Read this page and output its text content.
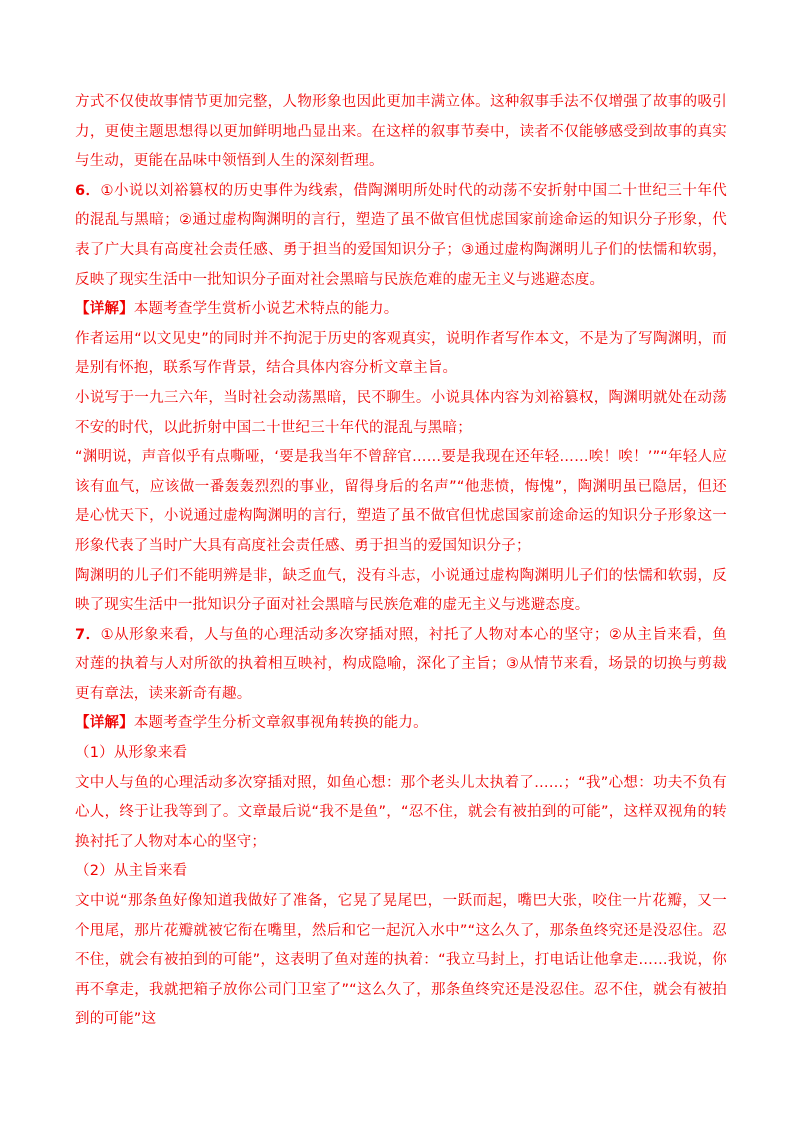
方式不仅使故事情节更加完整，人物形象也因此更加丰满立体。这种叙事手法不仅增强了故事的吸引力，更使主题思想得以更加鲜明地凸显出来。在这样的叙事节奏中，读者不仅能够感受到故事的真实与生动，更能在品味中领悟到人生的深刻哲理。

6．①小说以刘裕篡权的历史事件为线索，借陶渊明所处时代的动荡不安折射中国二十世纪三十年代的混乱与黑暗；②通过虚构陶渊明的言行，塑造了虽不做官但忧虑国家前途命运的知识分子形象，代表了广大具有高度社会责任感、勇于担当的爱国知识分子；③通过虚构陶渊明儿子们的怯懦和软弱，反映了现实生活中一批知识分子面对社会黑暗与民族危难的虚无主义与逃避态度。

【详解】本题考查学生赏析小说艺术特点的能力。

作者运用“以文见史”的同时并不拘泥于历史的客观真实，说明作者写作本文，不是为了写陶渊明，而是别有怀抱，联系写作背景，结合具体内容分析文章主旨。

小说写于一九三六年，当时社会动荡黑暗，民不聊生。小说具体内容为刘裕篡权，陶渊明就处在动荡不安的时代，以此折射中国二十世纪三十年代的混乱与黑暗；

“渊明说，声音似乎有点嘶哑，‘要是我当年不曾辞官……要是我现在还年轻……唉！唉！’”“年轻人应该有血气，应该做一番轰轰烈烈的事业，留得身后的名声”“他悲愤，悔愧”，陶渊明虽已隐居，但还是心忧天下，小说通过虚构陶渊明的言行，塑造了虽不做官但忧虑国家前途命运的知识分子形象这一形象代表了当时广大具有高度社会责任感、勇于担当的爱国知识分子；

陶渊明的儿子们不能明辨是非，缺乏血气，没有斗志，小说通过虚构陶渊明儿子们的怯懦和软弱，反映了现实生活中一批知识分子面对社会黑暗与民族危难的虚无主义与逃避态度。

7．①从形象来看，人与鱼的心理活动多次穿插对照，衬托了人物对本心的坚守；②从主旨来看，鱼对莲的执着与人对所欲的执着相互映衬，构成隐喻，深化了主旨；③从情节来看，场景的切换与剪裁更有章法，读来新奇有趣。

【详解】本题考查学生分析文章叙事视角转换的能力。

（1）从形象来看

文中人与鱼的心理活动多次穿插对照，如鱼心想：那个老头儿太执着了……；“我”心想：功夫不负有心人，终于让我等到了。文章最后说“我不是鱼”，“忍不住，就会有被拍到的可能”，这样双视角的转换衬托了人物对本心的坚守；

（2）从主旨来看

文中说“那条鱼好像知道我做好了准备，它晃了晃尾巴，一跃而起，嘴巴大张，咬住一片花瓣，又一个甩尾，那片花瓣就被它衔在嘴里，然后和它一起沉入水中”“这么久了，那条鱼终究还是没忍住。忍不住，就会有被拍到的可能”，这表明了鱼对莲的执着：“我立马封上，打电话让他拿走……我说，你再不拿走，我就把箱子放你公司门卫室了”“这么久了，那条鱼终究还是没忍住。忍不住，就会有被拍到的可能”这
